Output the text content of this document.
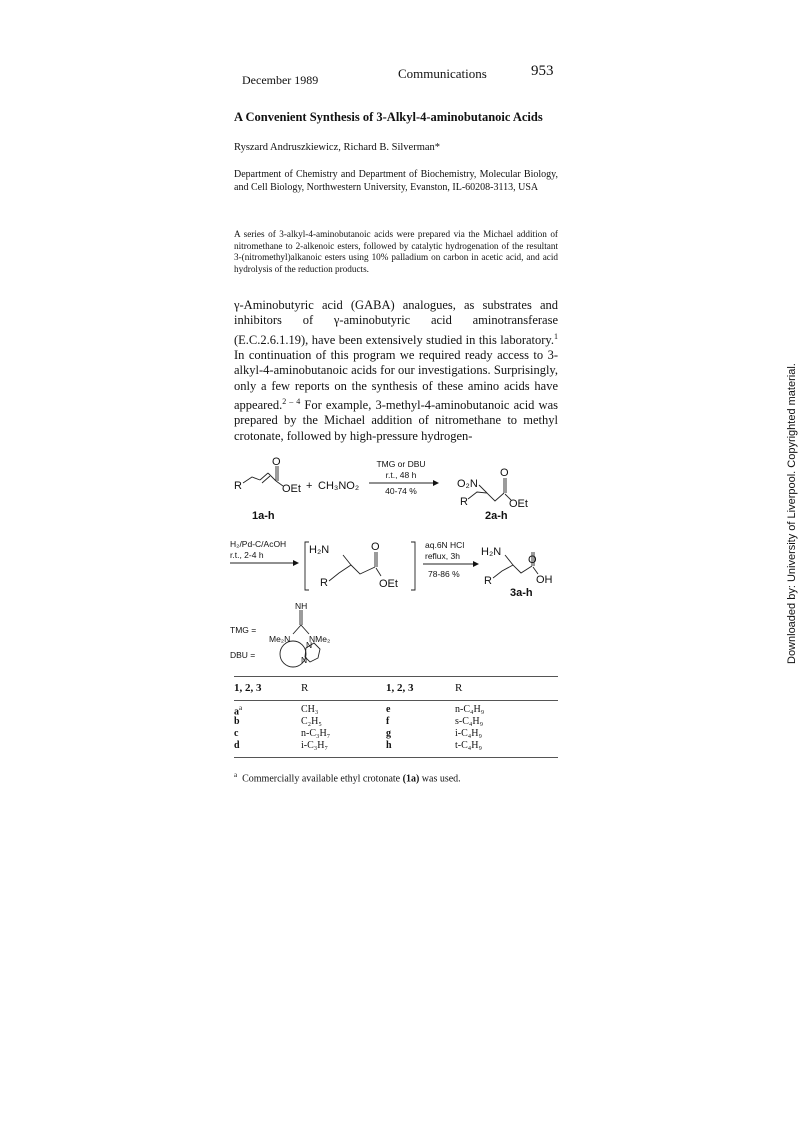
December 1989	Communications	953
A Convenient Synthesis of 3-Alkyl-4-aminobutanoic Acids
Ryszard Andruszkiewicz, Richard B. Silverman*
Department of Chemistry and Department of Biochemistry, Molecular Biology, and Cell Biology, Northwestern University, Evanston, IL-60208-3113, USA
A series of 3-alkyl-4-aminobutanoic acids were prepared via the Michael addition of nitromethane to 2-alkenoic esters, followed by catalytic hydrogenation of the resultant 3-(nitromethyl)alkanoic esters using 10% palladium on carbon in acetic acid, and acid hydrolysis of the reduction products.
γ-Aminobutyric acid (GABA) analogues, as substrates and inhibitors of γ-aminobutyric acid aminotransferase (E.C.2.6.1.19), have been extensively studied in this laboratory.$^1$ In continuation of this program we required ready access to 3-alkyl-4-aminobutanoic acids for our investigations. Surprisingly, only a few reports on the synthesis of these amino acids have appeared.$^{2 - 4}$ For example, 3-methyl-4-aminobutanoic acid was prepared by the Michael addition of nitromethane to methyl crotonate, followed by high-pressure hydrogen-
O
R	OEt + CH₃NO₂
1a-h
TMG or DBU
r.t., 48 h
40-74 %
O₂N
O
R	OEt
2a-h
H₂/Pd-C/AcOH
r.t., 2-4 h	H₂N	O
R	OEt
aq.6N HCl
reflux, 3h
78-86 %
H₂N
O
R	OH
3a-h
NH
TMG =
Me₂N NMe₂
DBU =
N
N
1, 2, 3	R	1, 2, 3	R
$a^a$	CH₃	e	n-C₄H₉
b	C₂H₅	f	s-C₄H₉
c	n-C₃H₇	g	i-C₄H₉
d	i-C₃H₇	h	t-C₄H₉
$^a$ Commercially available ethyl crotonate (1a) was used.
Downloaded by: University of Liverpool. Copyrighted material.
